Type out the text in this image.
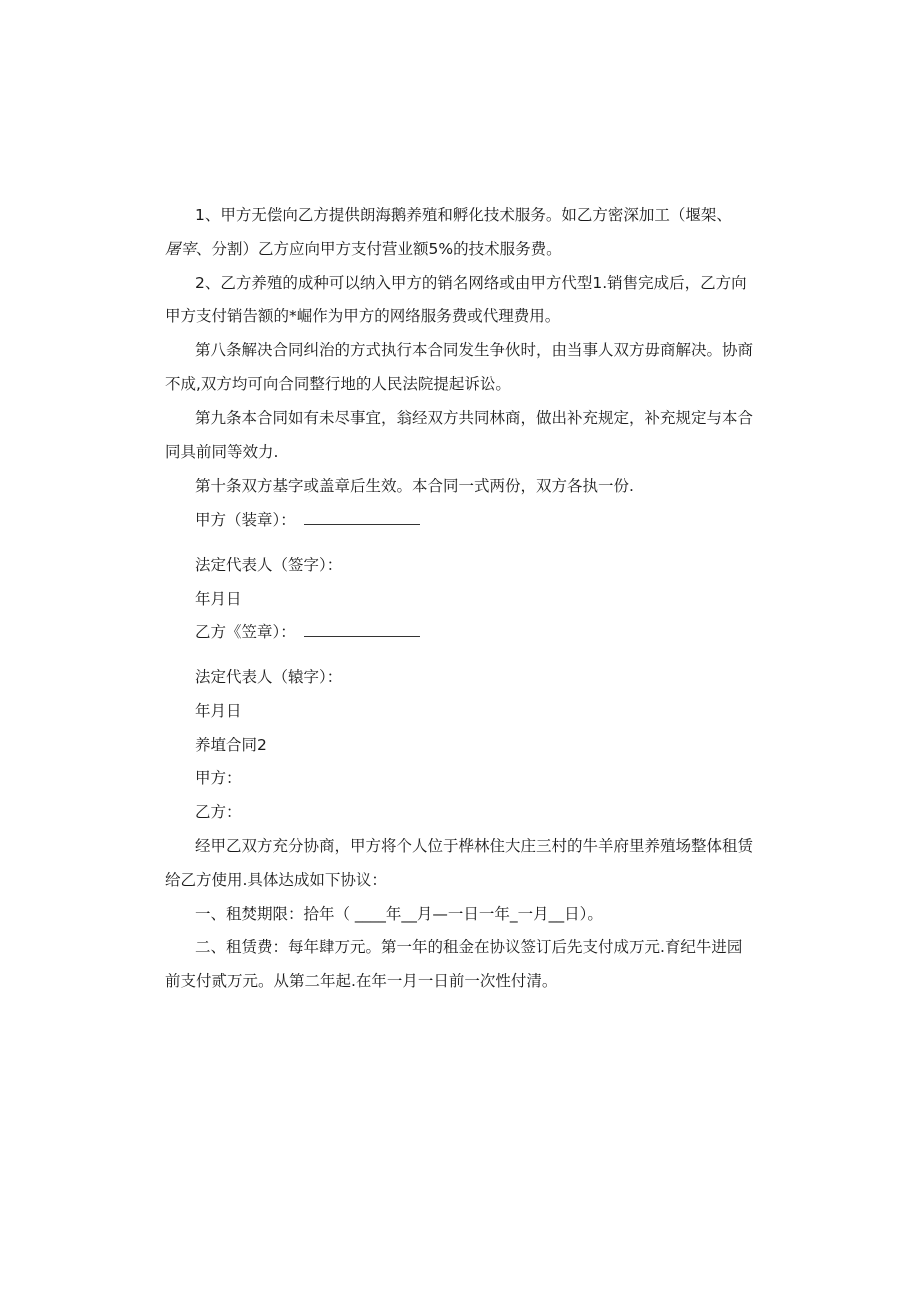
1、甲方无偿向乙方提供朗海鹅养殖和孵化技术服务。如乙方密深加工（堰架、
屠宰、分割）乙方应向甲方支付营业额5%的技术服务费。
2、乙方养殖的成种可以纳入甲方的销名网络或由甲方代型1.销售完成后，乙方向
甲方支付销告额的*崛作为甲方的网络服务费或代理费用。
第八条解决合同纠治的方式执行本合同发生争伙时，由当事人双方毋商解决。协商
不成,双方均可向合同整行地的人民法院提起诉讼。
第九条本合同如有未尽事宜，翁经双方共同林商，做出补充规定，补充规定与本合
同具前同等效力.
第十条双方基字或盖章后生效。本合同一式两份，双方各执一份.
甲方（装章）：
法定代表人（签字）：
年月日
乙方《笠章）：
法定代表人（辕字）：
年月日
养埴合同2
甲方：
乙方：
经甲乙双方充分协商，甲方将个人位于桦林住大庄三村的牛羊府里养殖场整体租赁
给乙方使用.具体达成如下协议：
一、租焚期限：拾年（ ____年__月—一日一年_一月__日）。
二、租赁费：每年肆万元。第一年的租金在协议签订后先支付成万元.育纪牛进园
前支付贰万元。从第二年起.在年一月一日前一次性付清。
